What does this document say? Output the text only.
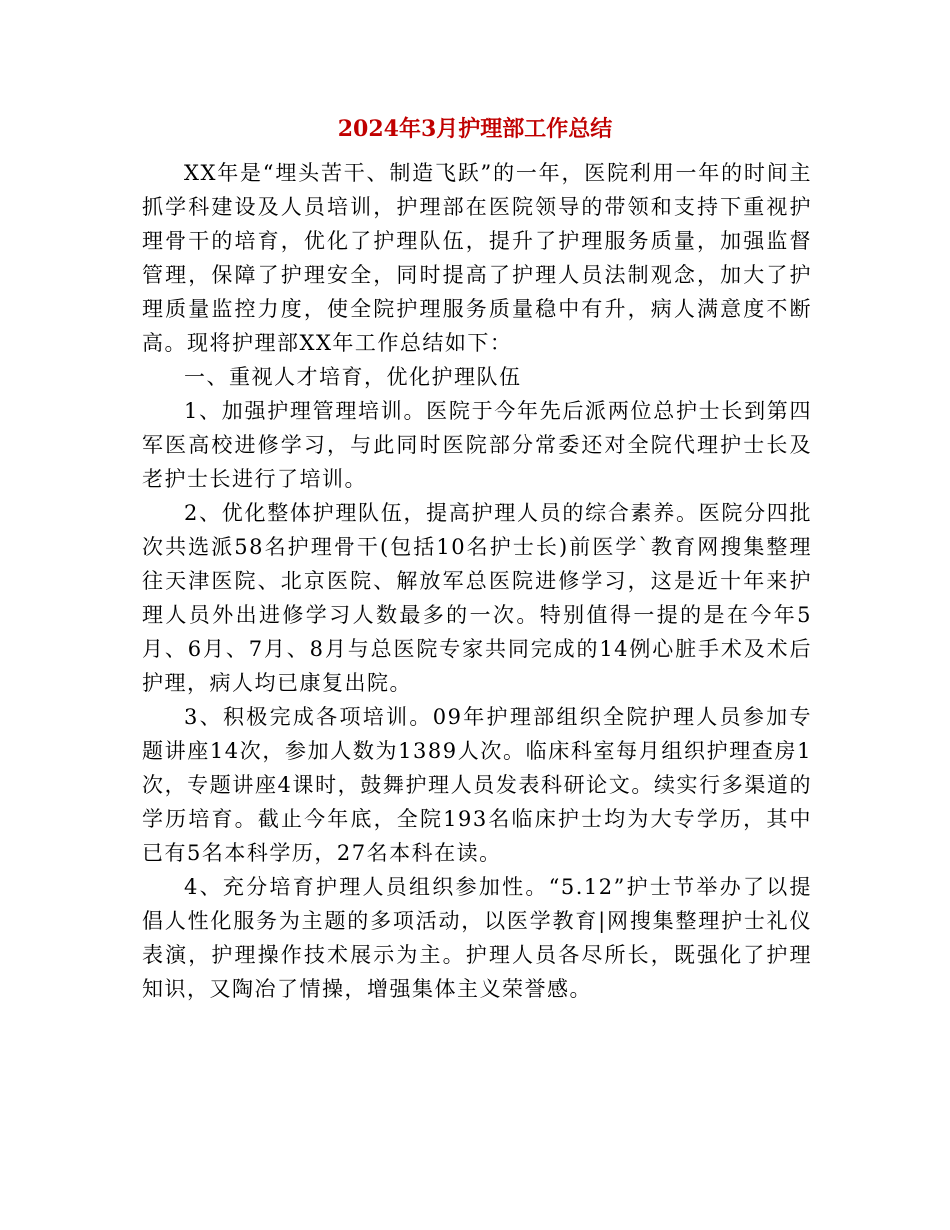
2024年3月护理部工作总结

XX年是“埋头苦干、制造飞跃”的一年，医院利用一年的时间主抓学科建设及人员培训，护理部在医院领导的带领和支持下重视护理骨干的培育，优化了护理队伍，提升了护理服务质量，加强监督管理，保障了护理安全，同时提高了护理人员法制观念，加大了护理质量监控力度，使全院护理服务质量稳中有升，病人满意度不断高。现将护理部XX年工作总结如下：

一、重视人才培育，优化护理队伍

1、加强护理管理培训。医院于今年先后派两位总护士长到第四军医高校进修学习，与此同时医院部分常委还对全院代理护士长及老护士长进行了培训。

2、优化整体护理队伍，提高护理人员的综合素养。医院分四批次共选派58名护理骨干(包括10名护士长)前医学`教育网搜集整理往天津医院、北京医院、解放军总医院进修学习，这是近十年来护理人员外出进修学习人数最多的一次。特别值得一提的是在今年5月、6月、7月、8月与总医院专家共同完成的14例心脏手术及术后护理，病人均已康复出院。

3、积极完成各项培训。09年护理部组织全院护理人员参加专题讲座14次，参加人数为1389人次。临床科室每月组织护理查房1次，专题讲座4课时，鼓舞护理人员发表科研论文。续实行多渠道的学历培育。截止今年底，全院193名临床护士均为大专学历，其中已有5名本科学历，27名本科在读。

4、充分培育护理人员组织参加性。“5.12”护士节举办了以提倡人性化服务为主题的多项活动，以医学教育|网搜集整理护士礼仪表演，护理操作技术展示为主。护理人员各尽所长，既强化了护理知识，又陶冶了情操，增强集体主义荣誉感。
